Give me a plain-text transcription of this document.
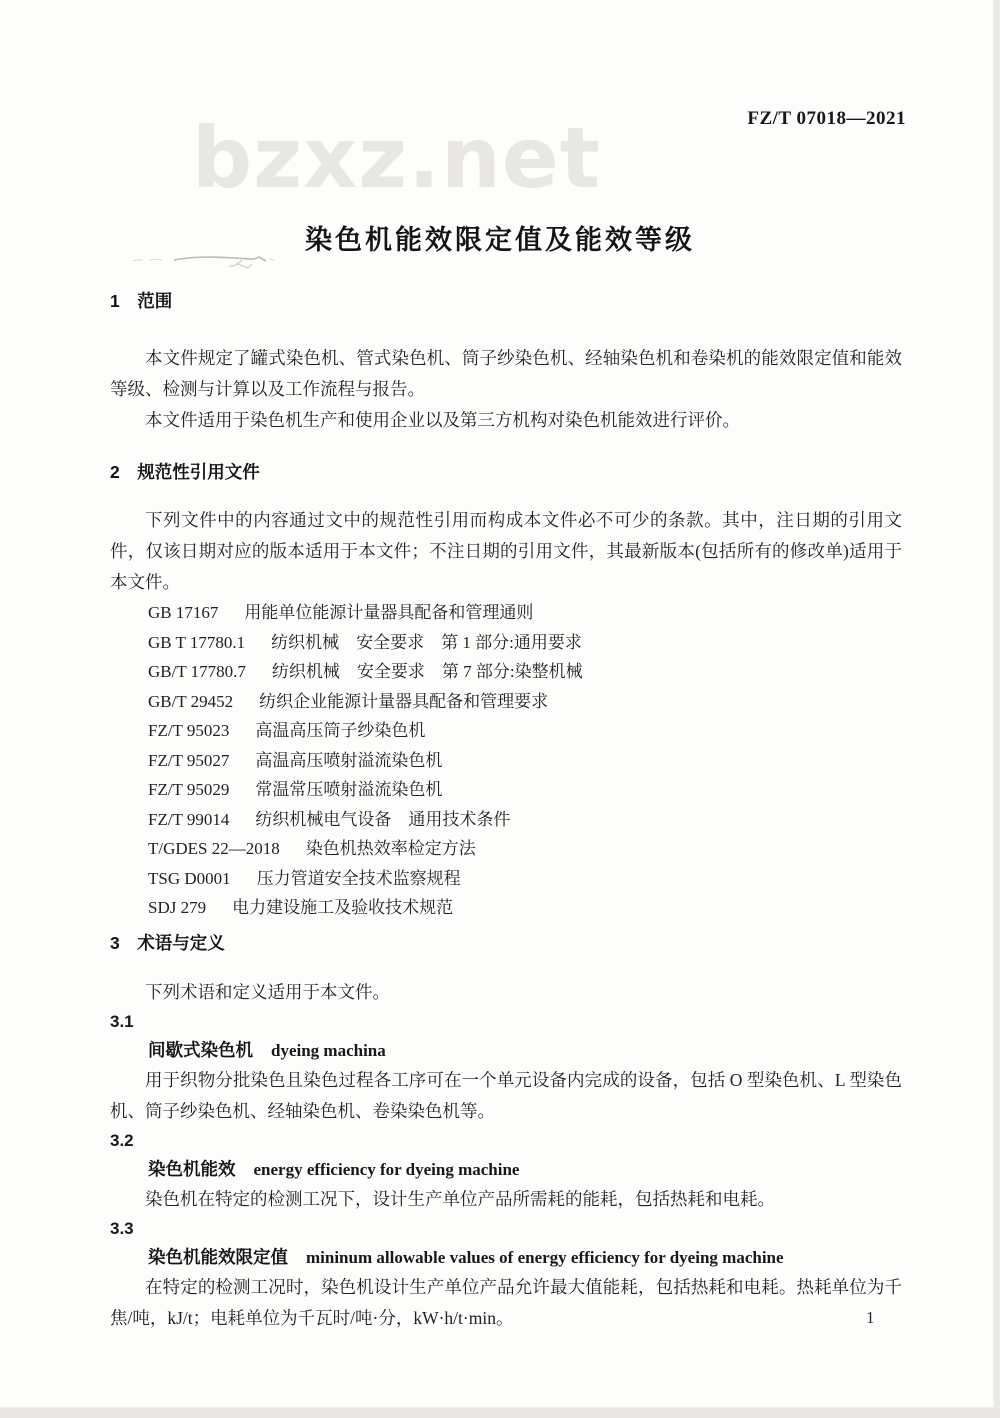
FZ/T 07018—2021
bzxz.net
染色机能效限定值及能效等级
1　范围

本文件规定了罐式染色机、管式染色机、筒子纱染色机、经轴染色机和卷染机的能效限定值和能效等级、检测与计算以及工作流程与报告。

本文件适用于染色机生产和使用企业以及第三方机构对染色机能效进行评价。

2　规范性引用文件

下列文件中的内容通过文中的规范性引用而构成本文件必不可少的条款。其中，注日期的引用文件，仅该日期对应的版本适用于本文件；不注日期的引用文件，其最新版本(包括所有的修改单)适用于本文件。

GB 17167 用能单位能源计量器具配备和管理通则
GB T 17780.1 纺织机械　安全要求　第 1 部分:通用要求
GB/T 17780.7 纺织机械　安全要求　第 7 部分:染整机械
GB/T 29452 纺织企业能源计量器具配备和管理要求
FZ/T 95023 高温高压筒子纱染色机
FZ/T 95027 高温高压喷射溢流染色机
FZ/T 95029 常温常压喷射溢流染色机
FZ/T 99014 纺织机械电气设备　通用技术条件
T/GDES 22—2018 染色机热效率检定方法
TSG D0001 压力管道安全技术监察规程
SDJ 279 电力建设施工及验收技术规范
3　术语与定义

下列术语和定义适用于本文件。

3.1

间歇式染色机 dyeing machina

用于织物分批染色且染色过程各工序可在一个单元设备内完成的设备，包括 O 型染色机、L 型染色机、筒子纱染色机、经轴染色机、卷染染色机等。

3.2

染色机能效 energy efficiency for dyeing machine

染色机在特定的检测工况下，设计生产单位产品所需耗的能耗，包括热耗和电耗。

3.3

染色机能效限定值 mininum allowable values of energy efficiency for dyeing machine

在特定的检测工况时，染色机设计生产单位产品允许最大值能耗，包括热耗和电耗。热耗单位为千焦/吨，kJ/t；电耗单位为千瓦时/吨·分，kW·h/t·min。	1
